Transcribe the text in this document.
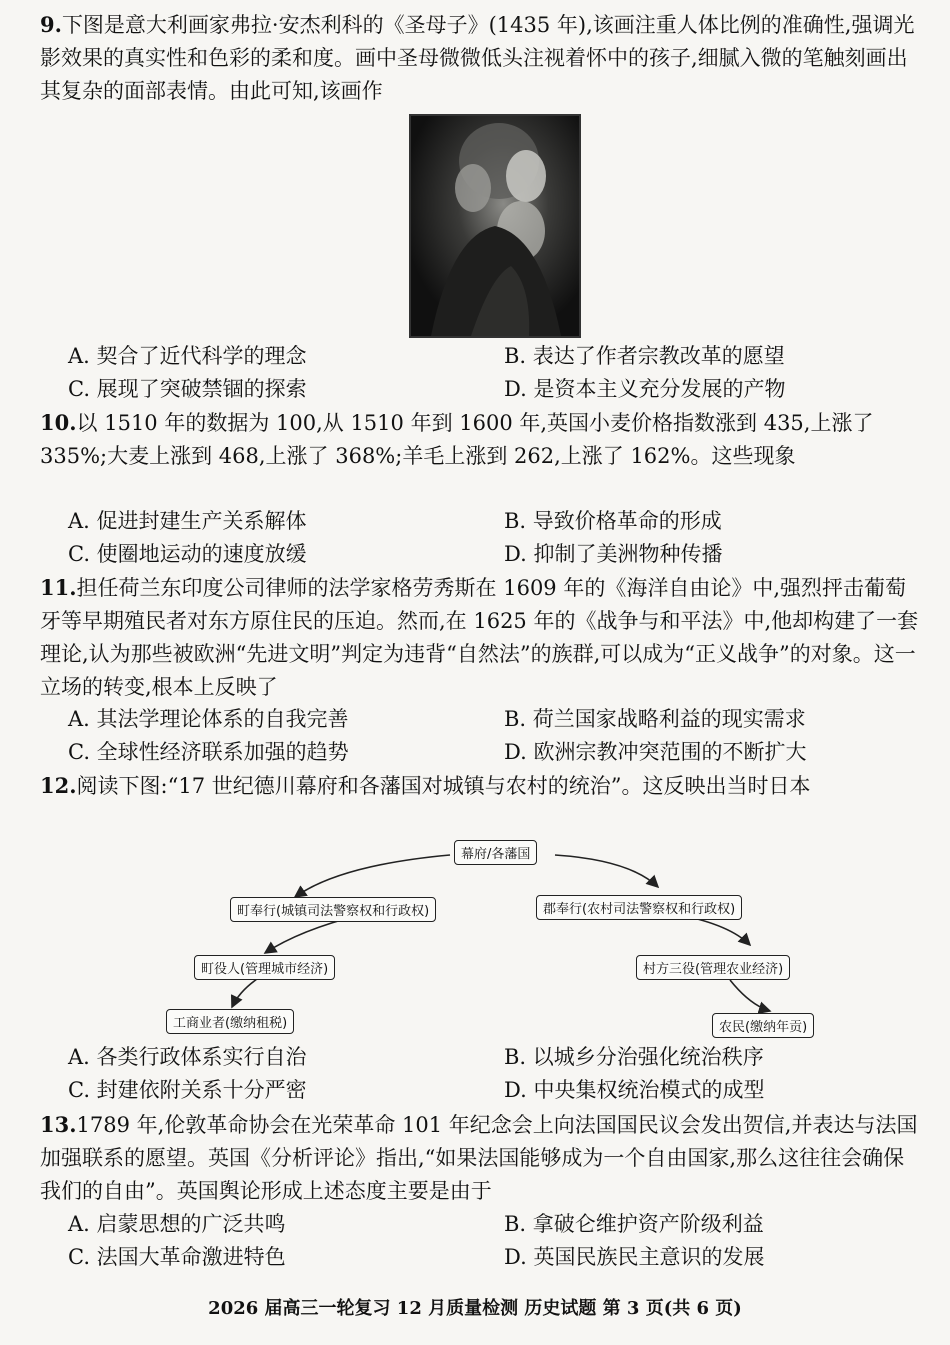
9.下图是意大利画家弗拉·安杰利科的《圣母子》(1435 年),该画注重人体比例的准确性,强调光影效果的真实性和色彩的柔和度。画中圣母微微低头注视着怀中的孩子,细腻入微的笔触刻画出其复杂的面部表情。由此可知,该画作
A. 契合了近代科学的理念	B. 表达了作者宗教改革的愿望
C. 展现了突破禁锢的探索	D. 是资本主义充分发展的产物
10.以 1510 年的数据为 100,从 1510 年到 1600 年,英国小麦价格指数涨到 435,上涨了 335%;大麦上涨到 468,上涨了 368%;羊毛上涨到 262,上涨了 162%。这些现象
A. 促进封建生产关系解体	B. 导致价格革命的形成
C. 使圈地运动的速度放缓	D. 抑制了美洲物种传播
11.担任荷兰东印度公司律师的法学家格劳秀斯在 1609 年的《海洋自由论》中,强烈抨击葡萄牙等早期殖民者对东方原住民的压迫。然而,在 1625 年的《战争与和平法》中,他却构建了一套理论,认为那些被欧洲“先进文明”判定为违背“自然法”的族群,可以成为“正义战争”的对象。这一立场的转变,根本上反映了
A. 其法学理论体系的自我完善	B. 荷兰国家战略利益的现实需求
C. 全球性经济联系加强的趋势	D. 欧洲宗教冲突范围的不断扩大
12.阅读下图:“17 世纪德川幕府和各藩国对城镇与农村的统治”。这反映出当时日本
幕府/各藩国
町奉行(城镇司法警察权和行政权)	郡奉行(农村司法警察权和行政权)
町役人(管理城市经济)	村方三役(管理农业经济)
工商业者(缴纳租税)	农民(缴纳年贡)
A. 各类行政体系实行自治	B. 以城乡分治强化统治秩序
C. 封建依附关系十分严密	D. 中央集权统治模式的成型
13.1789 年,伦敦革命协会在光荣革命 101 年纪念会上向法国国民议会发出贺信,并表达与法国加强联系的愿望。英国《分析评论》指出,“如果法国能够成为一个自由国家,那么这往往会确保我们的自由”。英国舆论形成上述态度主要是由于
A. 启蒙思想的广泛共鸣	B. 拿破仑维护资产阶级利益
C. 法国大革命激进特色	D. 英国民族民主意识的发展
2026 届高三一轮复习 12 月质量检测 历史试题 第 3 页(共 6 页)
